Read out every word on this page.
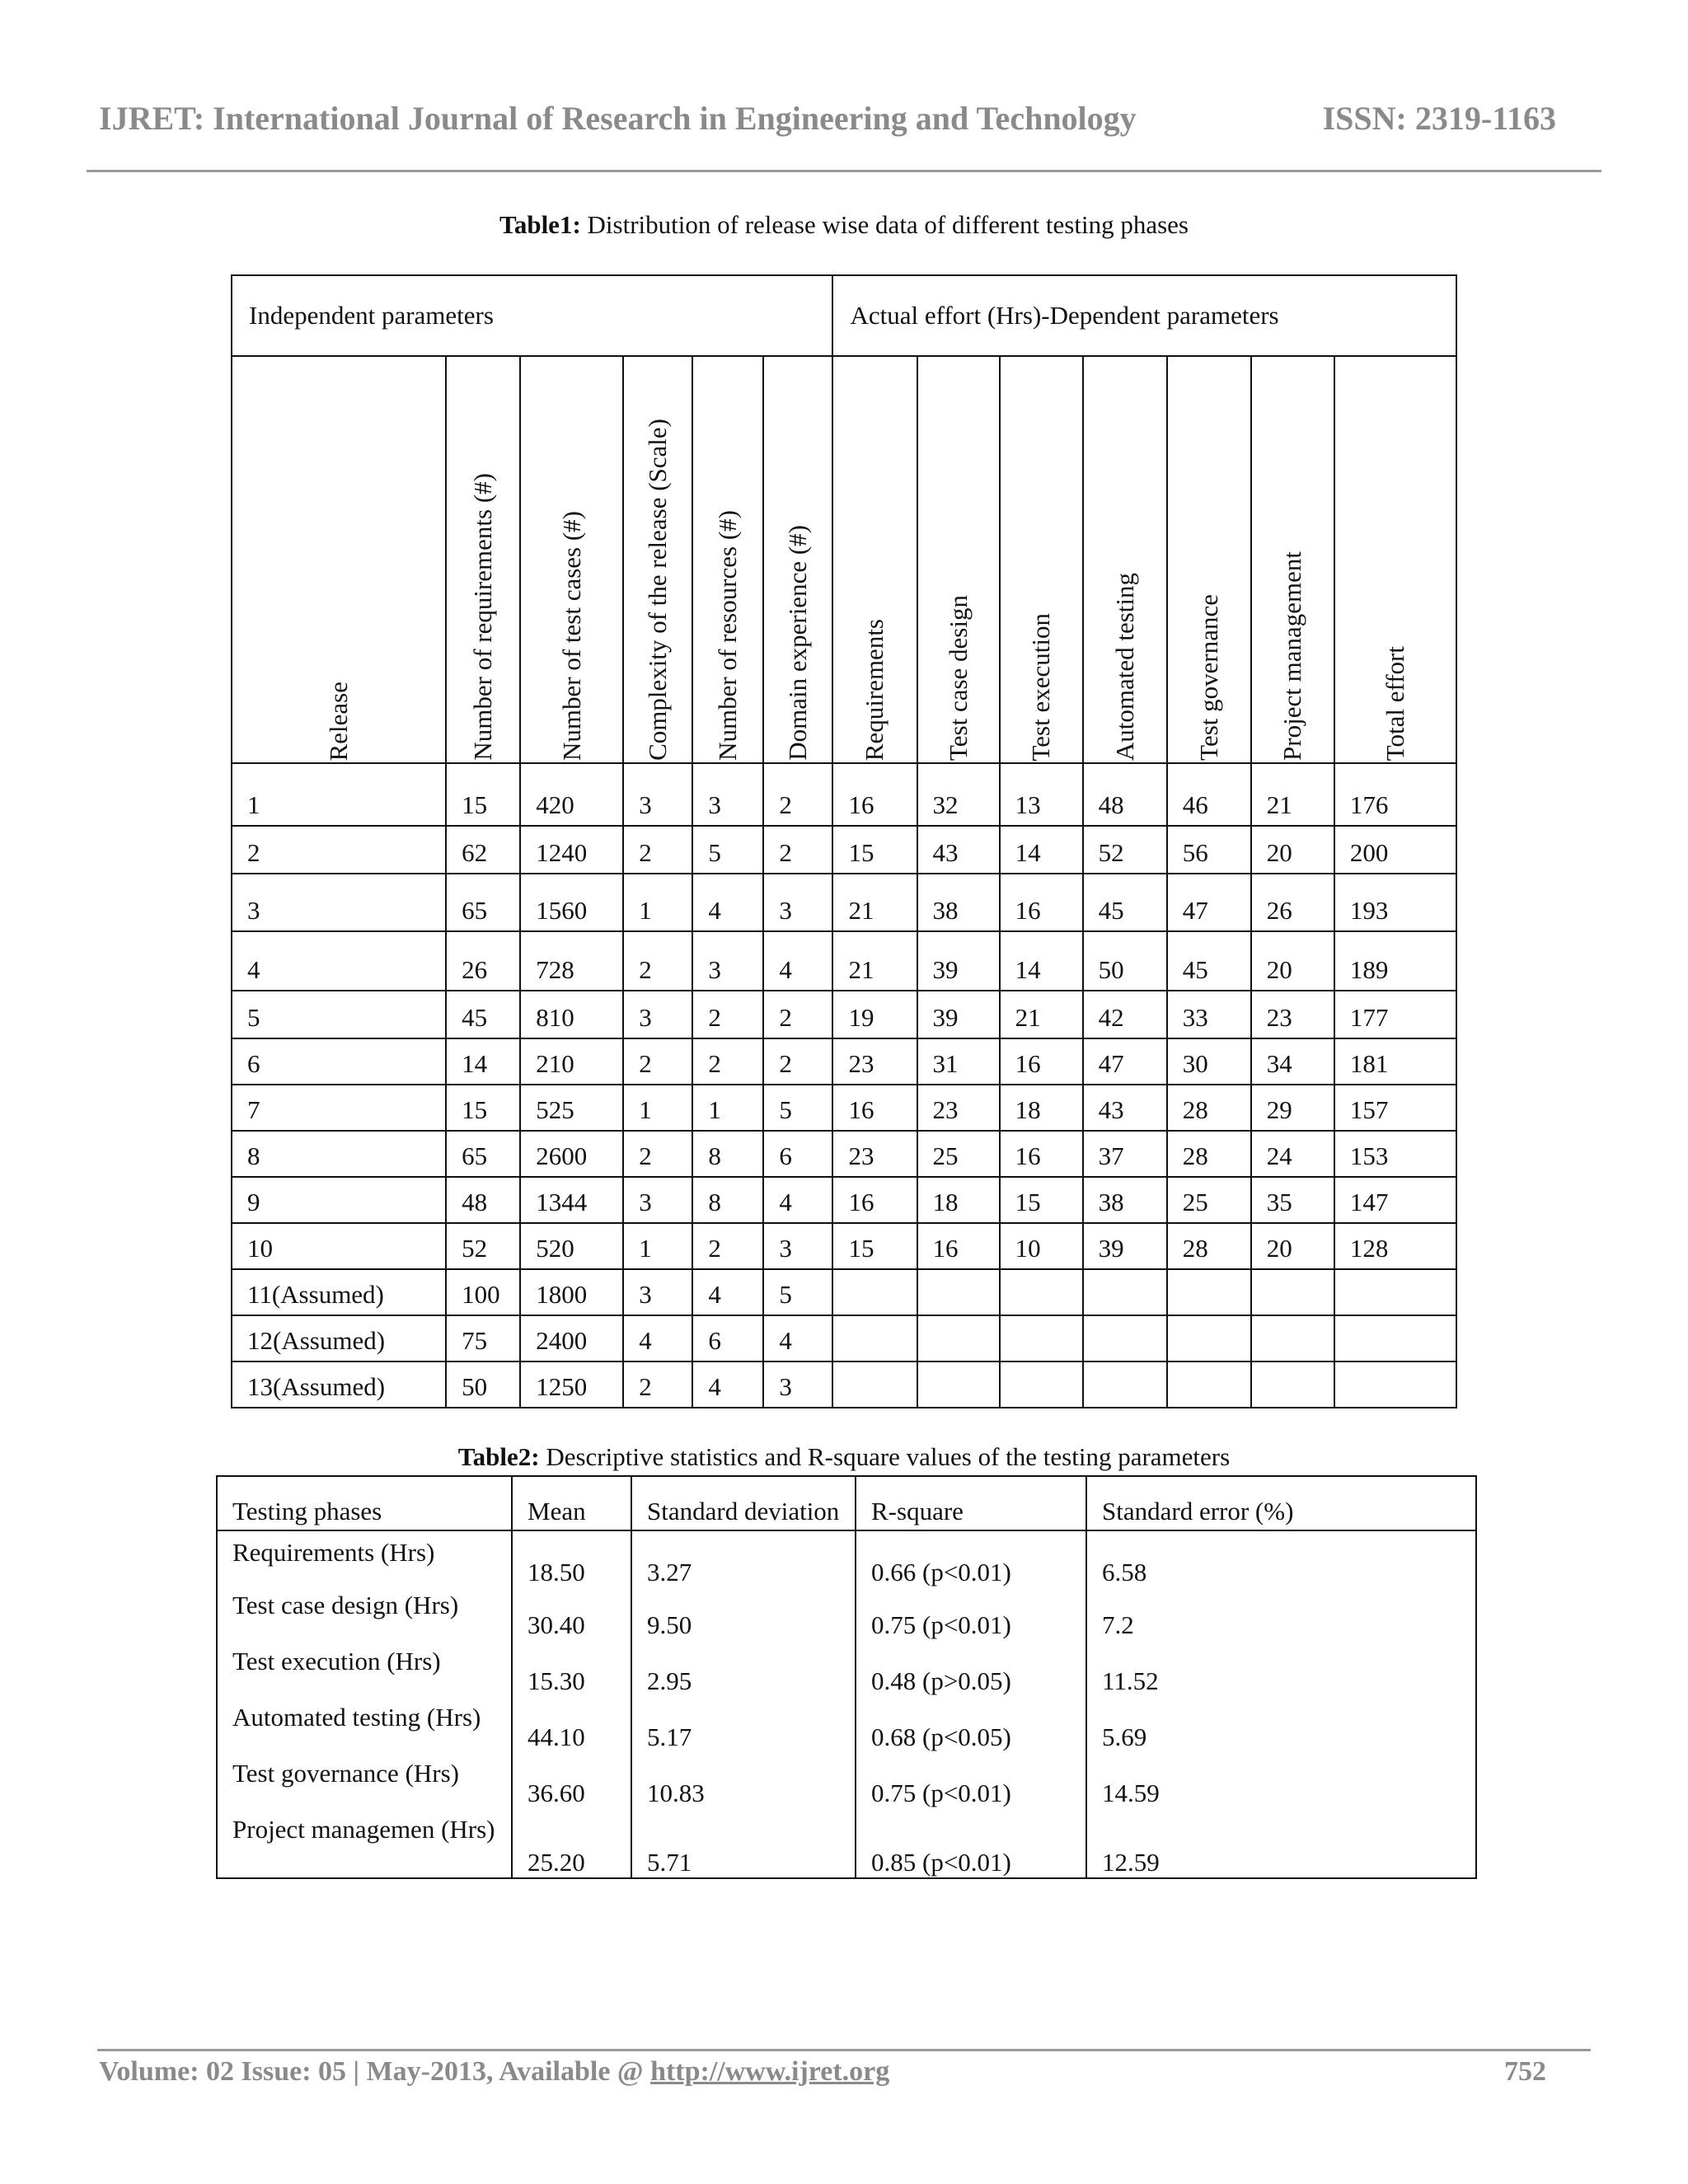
IJRET: International Journal of Research in Engineering and Technology	ISSN: 2319-1163
Table1: Distribution of release wise data of different testing phases
Independent parameters						Actual effort (Hrs)-Dependent parameters						

Release	Number of requirements (#)	Number of test cases (#)	Complexity of the release (Scale)	Number of resources (#)	Domain experience (#)	Requirements	Test case design	Test execution	Automated testing	Test governance	Project management	Total effort

1	15	420	3	3	2	16	32	13	48	46	21	176
2	62	1240	2	5	2	15	43	14	52	56	20	200
3	65	1560	1	4	3	21	38	16	45	47	26	193
4	26	728	2	3	4	21	39	14	50	45	20	189
5	45	810	3	2	2	19	39	21	42	33	23	177
6	14	210	2	2	2	23	31	16	47	30	34	181
7	15	525	1	1	5	16	23	18	43	28	29	157
8	65	2600	2	8	6	23	25	16	37	28	24	153
9	48	1344	3	8	4	16	18	15	38	25	35	147
10	52	520	1	2	3	15	16	10	39	28	20	128
11(Assumed)	100	1800	3	4	5							
12(Assumed)	75	2400	4	6	4							
13(Assumed)	50	1250	2	4	3							
Table2: Descriptive statistics and R-square values of the testing parameters
Testing phases	Mean	Standard deviation	R-square	Standard error (%)
Requirements (Hrs)	18.50	3.27	0.66 (p<0.01)	6.58
Test case design (Hrs)	30.40	9.50	0.75 (p<0.01)	7.2
Test execution (Hrs)	15.30	2.95	0.48 (p>0.05)	11.52
Automated testing (Hrs)	44.10	5.17	0.68 (p<0.05)	5.69
Test governance (Hrs)	36.60	10.83	0.75 (p<0.01)	14.59
Project managemen (Hrs)	25.20	5.71	0.85 (p<0.01)	12.59
Volume: 02 Issue: 05 | May-2013, Available @ http://www.ijret.org	752
